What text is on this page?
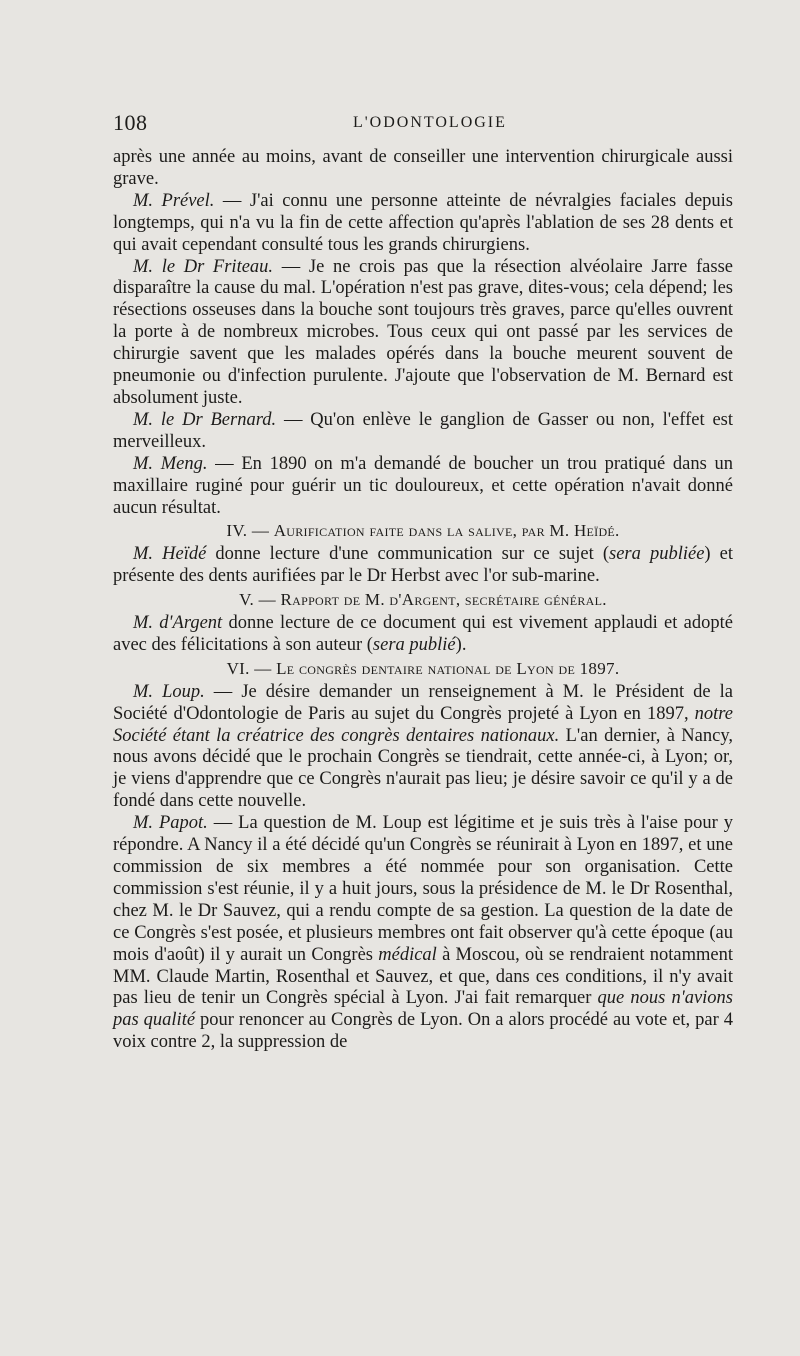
108	L'ODONTOLOGIE

après une année au moins, avant de conseiller une intervention chirurgicale aussi grave.

M. Prével. — J'ai connu une personne atteinte de névralgies faciales depuis longtemps, qui n'a vu la fin de cette affection qu'après l'ablation de ses 28 dents et qui avait cependant consulté tous les grands chirurgiens.

M. le Dr Friteau. — Je ne crois pas que la résection alvéolaire Jarre fasse disparaître la cause du mal. L'opération n'est pas grave, dites-vous; cela dépend; les résections osseuses dans la bouche sont toujours très graves, parce qu'elles ouvrent la porte à de nombreux microbes. Tous ceux qui ont passé par les services de chirurgie savent que les malades opérés dans la bouche meurent souvent de pneumonie ou d'infection purulente. J'ajoute que l'observation de M. Bernard est absolument juste.

M. le Dr Bernard. — Qu'on enlève le ganglion de Gasser ou non, l'effet est merveilleux.

M. Meng. — En 1890 on m'a demandé de boucher un trou pratiqué dans un maxillaire ruginé pour guérir un tic douloureux, et cette opération n'avait donné aucun résultat.

IV. — Aurification faite dans la salive, par M. Heïdé.

M. Heïdé donne lecture d'une communication sur ce sujet (sera publiée) et présente des dents aurifiées par le Dr Herbst avec l'or sub-marine.

V. — Rapport de M. d'Argent, secrétaire général.

M. d'Argent donne lecture de ce document qui est vivement applaudi et adopté avec des félicitations à son auteur (sera publié).

VI. — Le congrès dentaire national de Lyon de 1897.

M. Loup. — Je désire demander un renseignement à M. le Président de la Société d'Odontologie de Paris au sujet du Congrès projeté à Lyon en 1897, notre Société étant la créatrice des congrès dentaires nationaux. L'an dernier, à Nancy, nous avons décidé que le prochain Congrès se tiendrait, cette année-ci, à Lyon; or, je viens d'apprendre que ce Congrès n'aurait pas lieu; je désire savoir ce qu'il y a de fondé dans cette nouvelle.

M. Papot. — La question de M. Loup est légitime et je suis très à l'aise pour y répondre. A Nancy il a été décidé qu'un Congrès se réunirait à Lyon en 1897, et une commission de six membres a été nommée pour son organisation. Cette commission s'est réunie, il y a huit jours, sous la présidence de M. le Dr Rosenthal, chez M. le Dr Sauvez, qui a rendu compte de sa gestion. La question de la date de ce Congrès s'est posée, et plusieurs membres ont fait observer qu'à cette époque (au mois d'août) il y aurait un Congrès médical à Moscou, où se rendraient notamment MM. Claude Martin, Rosenthal et Sauvez, et que, dans ces conditions, il n'y avait pas lieu de tenir un Congrès spécial à Lyon. J'ai fait remarquer que nous n'avions pas qualité pour renoncer au Congrès de Lyon. On a alors procédé au vote et, par 4 voix contre 2, la suppression de
